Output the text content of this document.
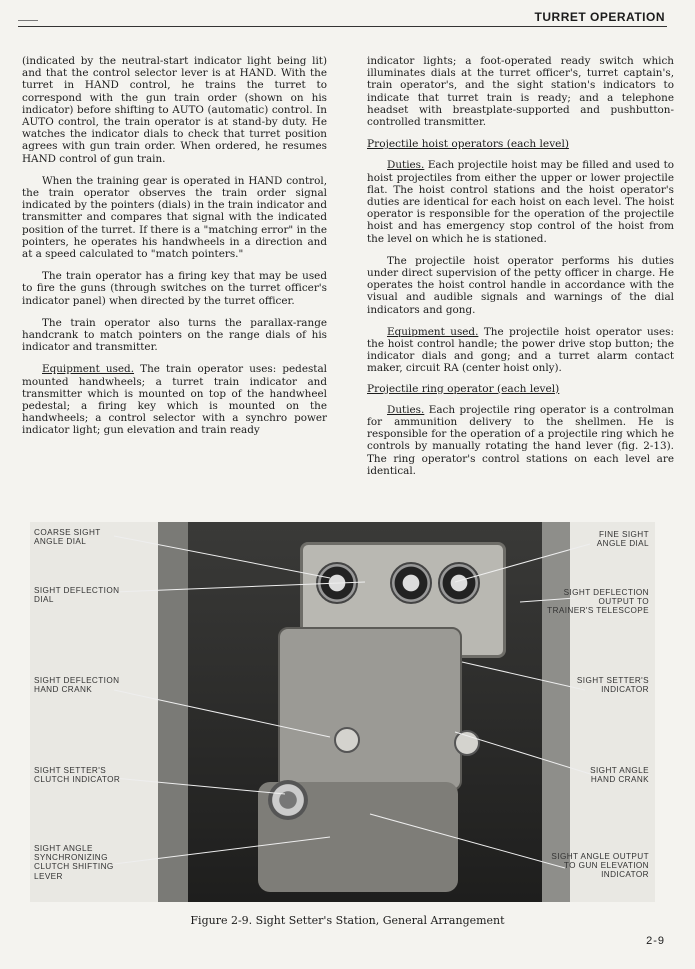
TURRET OPERATION

(indicated by the neutral-start indicator light being lit) and that the control selector lever is at HAND. With the turret in HAND control, he trains the turret to correspond with the gun train order (shown on his indicator) before shifting to AUTO (automatic) control. In AUTO control, the train operator is at stand-by duty. He watches the indicator dials to check that turret position agrees with gun train order. When ordered, he resumes HAND control of gun train.

When the training gear is operated in HAND control, the train operator observes the train order signal indicated by the pointers (dials) in the train indicator and transmitter and compares that signal with the indicated position of the turret. If there is a "matching error" in the pointers, he operates his handwheels in a direction and at a speed calculated to "match pointers."

The train operator has a firing key that may be used to fire the guns (through switches on the turret officer's indicator panel) when directed by the turret officer.

The train operator also turns the parallax-range handcrank to match pointers on the range dials of his indicator and transmitter.

Equipment used. The train operator uses: pedestal mounted handwheels; a turret train indicator and transmitter which is mounted on top of the handwheel pedestal; a firing key which is mounted on the handwheels; a control selector with a synchro power indicator light; gun elevation and train ready

indicator lights; a foot-operated ready switch which illuminates dials at the turret officer's, turret captain's, train operator's, and the sight station's indicators to indicate that turret train is ready; and a telephone headset with breastplate-supported and pushbutton-controlled transmitter.

Projectile hoist operators (each level)

Duties. Each projectile hoist may be filled and used to hoist projectiles from either the upper or lower projectile flat. The hoist control stations and the hoist operator's duties are identical for each hoist on each level. The hoist operator is responsible for the operation of the projectile hoist and has emergency stop control of the hoist from the level on which he is stationed.

The projectile hoist operator performs his duties under direct supervision of the petty officer in charge. He operates the hoist control handle in accordance with the visual and audible signals and warnings of the dial indicators and gong.

Equipment used. The projectile hoist operator uses: the hoist control handle; the power drive stop button; the indicator dials and gong; and a turret alarm contact maker, circuit RA (center hoist only).

Projectile ring operator (each level)

Duties. Each projectile ring operator is a controlman for ammunition delivery to the shellmen. He is responsible for the operation of a projectile ring which he controls by manually rotating the hand lever (fig. 2-13). The ring operator's control stations on each level are identical.

COARSE SIGHT
ANGLE DIAL
SIGHT DEFLECTION
DIAL
SIGHT DEFLECTION
HAND CRANK
SIGHT SETTER'S
CLUTCH INDICATOR
SIGHT ANGLE
SYNCHRONIZING
CLUTCH SHIFTING
LEVER
FINE SIGHT
ANGLE DIAL
SIGHT DEFLECTION
OUTPUT TO
TRAINER'S TELESCOPE
SIGHT SETTER'S
INDICATOR
SIGHT ANGLE
HAND CRANK
SIGHT ANGLE OUTPUT
TO GUN ELEVATION
INDICATOR
Figure 2-9. Sight Setter's Station, General Arrangement
2-9
